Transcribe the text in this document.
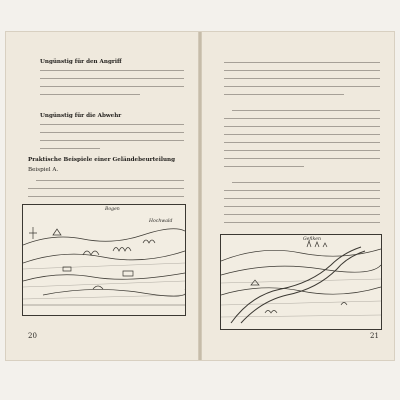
Ungünstig für den Angriff
Ungünstig für die Abwehr
Praktische Beispiele einer Geländebeurteilung
Beispiel A.
Bogen
Hochwald
20
Gefiken
21
